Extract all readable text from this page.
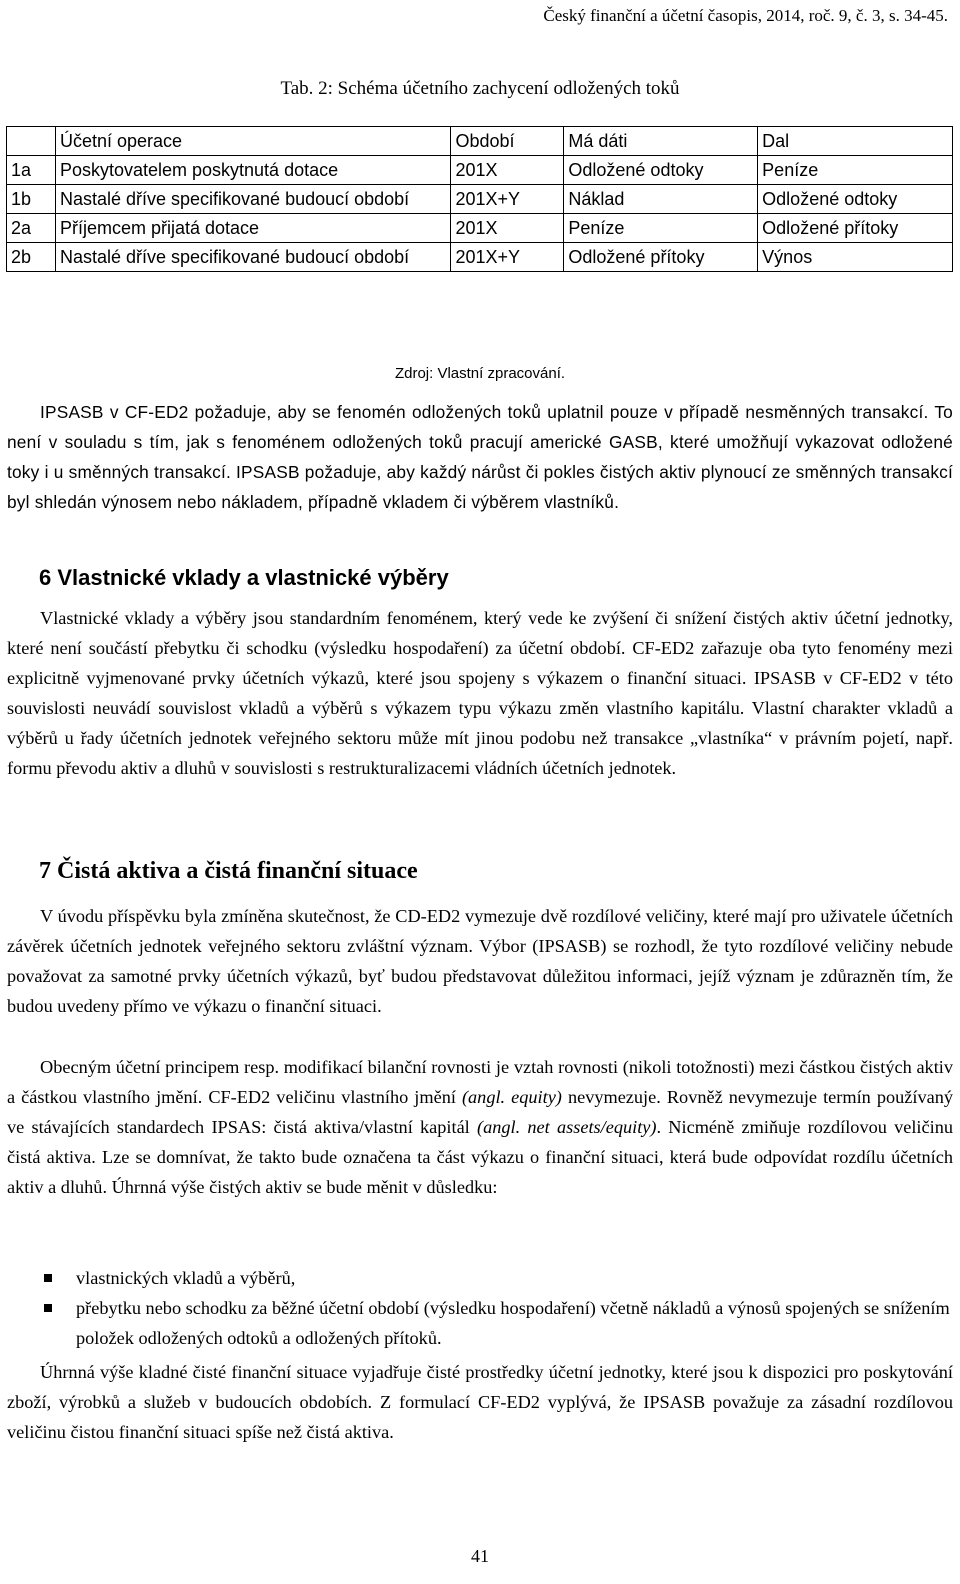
Český finanční a účetní časopis, 2014, roč. 9, č. 3, s. 34-45.
Tab. 2: Schéma účetního zachycení odložených toků
	Účetní operace	Období	Má dáti	Dal
1a	Poskytovatelem poskytnutá dotace	201X	Odložené odtoky	Peníze
1b	Nastalé dříve specifikované budoucí období	201X+Y	Náklad	Odložené odtoky
2a	Příjemcem přijatá dotace	201X	Peníze	Odložené přítoky
2b	Nastalé dříve specifikované budoucí období	201X+Y	Odložené přítoky	Výnos
Zdroj: Vlastní zpracování.

IPSASB v CF-ED2 požaduje, aby se fenomén odložených toků uplatnil pouze v případě nesměnných transakcí. To není v souladu s tím, jak s fenoménem odložených toků pracují americké GASB, které umožňují vykazovat odložené toky i u směnných transakcí. IPSASB požaduje, aby každý nárůst či pokles čistých aktiv plynoucí ze směnných transakcí byl shledán výnosem nebo nákladem, případně vkladem či výběrem vlastníků.

6 Vlastnické vklady a vlastnické výběry

Vlastnické vklady a výběry jsou standardním fenoménem, který vede ke zvýšení či snížení čistých aktiv účetní jednotky, které není součástí přebytku či schodku (výsledku hospodaření) za účetní období. CF-ED2 zařazuje oba tyto fenomény mezi explicitně vyjmenované prvky účetních výkazů, které jsou spojeny s výkazem o finanční situaci. IPSASB v CF-ED2 v této souvislosti neuvádí souvislost vkladů a výběrů s výkazem typu výkazu změn vlastního kapitálu. Vlastní charakter vkladů a výběrů u řady účetních jednotek veřejného sektoru může mít jinou podobu než transakce „vlastníka“ v právním pojetí, např. formu převodu aktiv a dluhů v souvislosti s restrukturalizacemi vládních účetních jednotek.

7 Čistá aktiva a čistá finanční situace

V úvodu příspěvku byla zmíněna skutečnost, že CD-ED2 vymezuje dvě rozdílové veličiny, které mají pro uživatele účetních závěrek účetních jednotek veřejného sektoru zvláštní význam. Výbor (IPSASB) se rozhodl, že tyto rozdílové veličiny nebude považovat za samotné prvky účetních výkazů, byť budou představovat důležitou informaci, jejíž význam je zdůrazněn tím, že budou uvedeny přímo ve výkazu o finanční situaci.

Obecným účetní principem resp. modifikací bilanční rovnosti je vztah rovnosti (nikoli totožnosti) mezi částkou čistých aktiv a částkou vlastního jmění. CF-ED2 veličinu vlastního jmění (angl. equity) nevymezuje. Rovněž nevymezuje termín používaný ve stávajících standardech IPSAS: čistá aktiva/vlastní kapitál (angl. net assets/equity). Nicméně zmiňuje rozdílovou veličinu čistá aktiva. Lze se domnívat, že takto bude označena ta část výkazu o finanční situaci, která bude odpovídat rozdílu účetních aktiv a dluhů. Úhrnná výše čistých aktiv se bude měnit v důsledku:

vlastnických vkladů a výběrů,
přebytku nebo schodku za běžné účetní období (výsledku hospodaření) včetně nákladů a výnosů spojených se snížením položek odložených odtoků a odložených přítoků.

Úhrnná výše kladné čisté finanční situace vyjadřuje čisté prostředky účetní jednotky, které jsou k dispozici pro poskytování zboží, výrobků a služeb v budoucích obdobích. Z formulací CF-ED2 vyplývá, že IPSASB považuje za zásadní rozdílovou veličinu čistou finanční situaci spíše než čistá aktiva.

41
